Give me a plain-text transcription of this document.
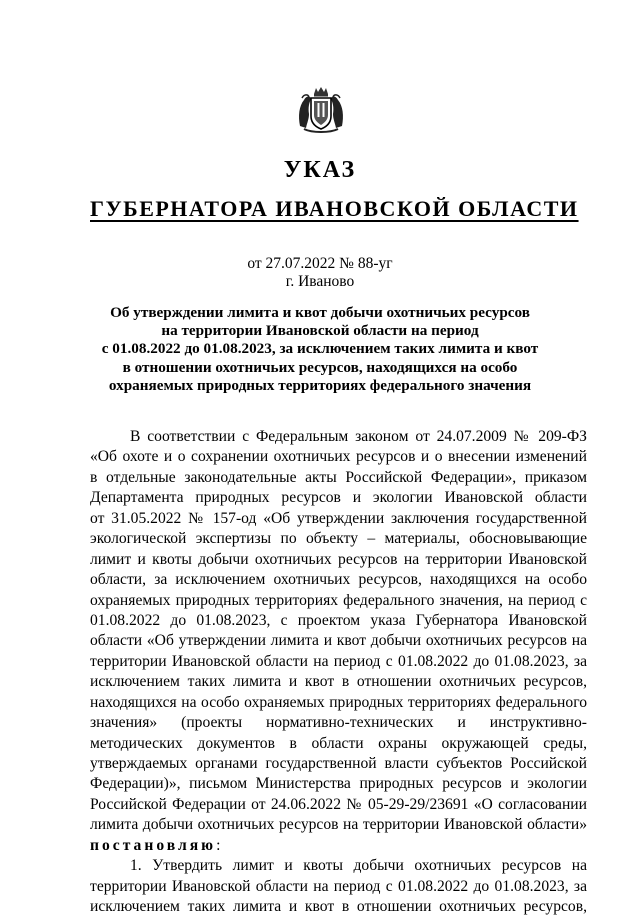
УКАЗ
ГУБЕРНАТОРА ИВАНОВСКОЙ ОБЛАСТИ

от 27.07.2022 № 88-уг

г. Иваново

Об утверждении лимита и квот добычи охотничьих ресурсов
на территории Ивановской области на период
с 01.08.2022 до 01.08.2023, за исключением таких лимита и квот
в отношении охотничьих ресурсов, находящихся на особо
охраняемых природных территориях федерального значения
В соответствии с Федеральным законом от 24.07.2009 № 209-ФЗ
«Об охоте и о сохранении охотничьих ресурсов и о внесении изменений
в отдельные законодательные акты Российской Федерации», приказом
Департамента природных ресурсов и экологии Ивановской области
от 31.05.2022 № 157-од «Об утверждении заключения государственной
экологической экспертизы по объекту – материалы, обосновывающие
лимит и квоты добычи охотничьих ресурсов на территории Ивановской
области, за исключением охотничьих ресурсов, находящихся на особо
охраняемых природных территориях федерального значения, на период с
01.08.2022 до 01.08.2023, с проектом указа Губернатора Ивановской
области «Об утверждении лимита и квот добычи охотничьих ресурсов на
территории Ивановской области на период с 01.08.2022 до 01.08.2023, за
исключением таких лимита и квот в отношении охотничьих ресурсов,
находящихся на особо охраняемых природных территориях федерального
значения» (проекты нормативно-технических и инструктивно-
методических документов в области охраны окружающей среды,
утверждаемых органами государственной власти субъектов Российской
Федерации)», письмом Министерства природных ресурсов и экологии
Российской Федерации от 24.06.2022 № 05-29-29/23691 «О согласовании
лимита добычи охотничьих ресурсов на территории Ивановской области»
постановляю:
1. Утвердить лимит и квоты добычи охотничьих ресурсов на
территории Ивановской области на период с 01.08.2022 до 01.08.2023, за
исключением таких лимита и квот в отношении охотничьих ресурсов,
